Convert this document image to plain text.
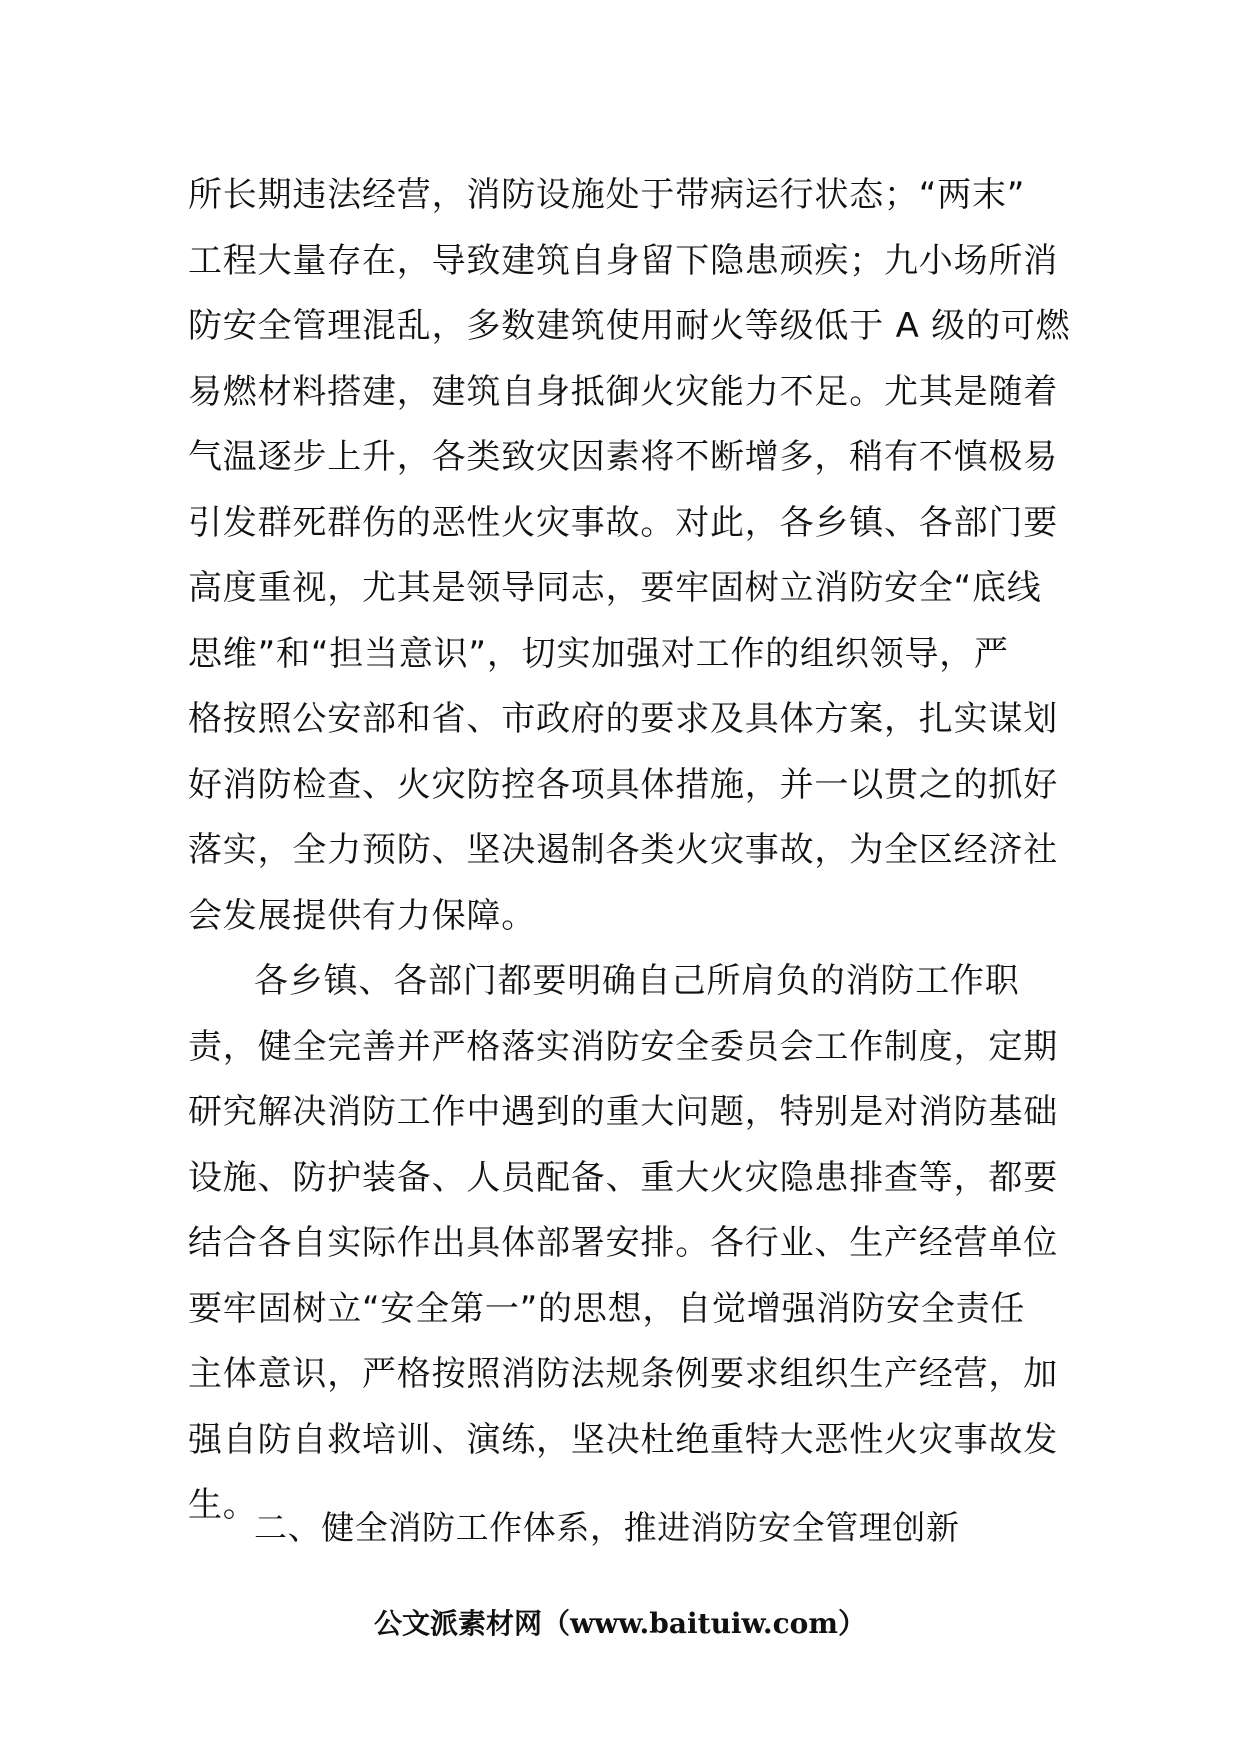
所长期违法经营，消防设施处于带病运行状态；“两末”
工程大量存在，导致建筑自身留下隐患顽疾；九小场所消
防安全管理混乱，多数建筑使用耐火等级低于 A 级的可燃
易燃材料搭建，建筑自身抵御火灾能力不足。尤其是随着
气温逐步上升，各类致灾因素将不断增多，稍有不慎极易
引发群死群伤的恶性火灾事故。对此，各乡镇、各部门要
高度重视，尤其是领导同志，要牢固树立消防安全“底线
思维”和“担当意识”，切实加强对工作的组织领导，严
格按照公安部和省、市政府的要求及具体方案，扎实谋划
好消防检查、火灾防控各项具体措施，并一以贯之的抓好
落实，全力预防、坚决遏制各类火灾事故，为全区经济社
会发展提供有力保障。
各乡镇、各部门都要明确自己所肩负的消防工作职
责，健全完善并严格落实消防安全委员会工作制度，定期
研究解决消防工作中遇到的重大问题，特别是对消防基础
设施、防护装备、人员配备、重大火灾隐患排查等，都要
结合各自实际作出具体部署安排。各行业、生产经营单位
要牢固树立“安全第一”的思想，自觉增强消防安全责任
主体意识，严格按照消防法规条例要求组织生产经营，加
强自防自救培训、演练，坚决杜绝重特大恶性火灾事故发
生。
二、健全消防工作体系，推进消防安全管理创新
公文派素材网（www.baituiw.com）
